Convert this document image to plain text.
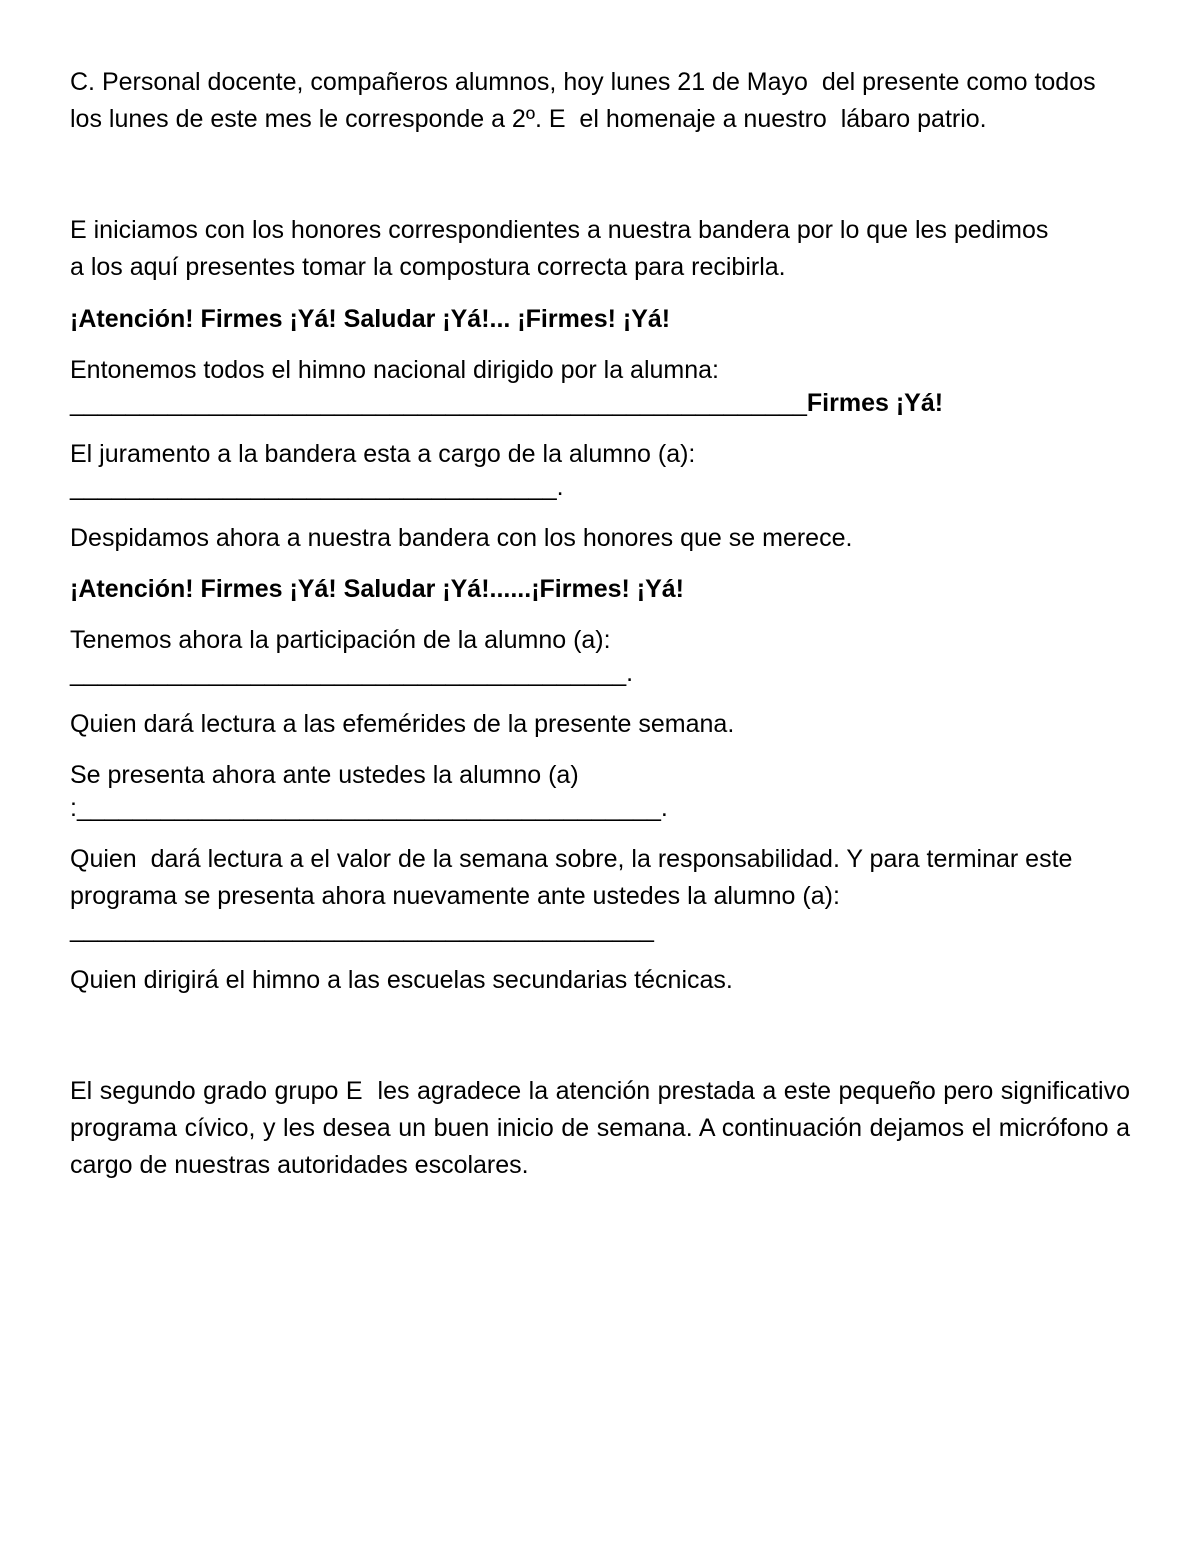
C. Personal docente, compañeros alumnos, hoy lunes 21 de Mayo  del presente como todos los lunes de este mes le corresponde a 2º. E  el homenaje a nuestro  lábaro patrio.

E iniciamos con los honores correspondientes a nuestra bandera por lo que les pedimos a los aquí presentes tomar la compostura correcta para recibirla.

¡Atención! Firmes ¡Yá! Saludar ¡Yá!... ¡Firmes! ¡Yá!

Entonemos todos el himno nacional dirigido por la alumna:

_____________________________________________________Firmes ¡Yá!

El juramento a la bandera esta a cargo de la alumno (a):

___________________________________.

Despidamos ahora a nuestra bandera con los honores que se merece.

¡Atención! Firmes ¡Yá! Saludar ¡Yá!......¡Firmes! ¡Yá!

Tenemos ahora la participación de la alumno (a):

________________________________________.

Quien dará lectura a las efemérides de la presente semana.

Se presenta ahora ante ustedes la alumno (a)

:__________________________________________.

Quien  dará lectura a el valor de la semana sobre, la responsabilidad. Y para terminar este programa se presenta ahora nuevamente ante ustedes la alumno (a):

__________________________________________

Quien dirigirá el himno a las escuelas secundarias técnicas.

El segundo grado grupo E  les agradece la atención prestada a este pequeño pero significativo programa cívico, y les desea un buen inicio de semana. A continuación dejamos el micrófono a cargo de nuestras autoridades escolares.
